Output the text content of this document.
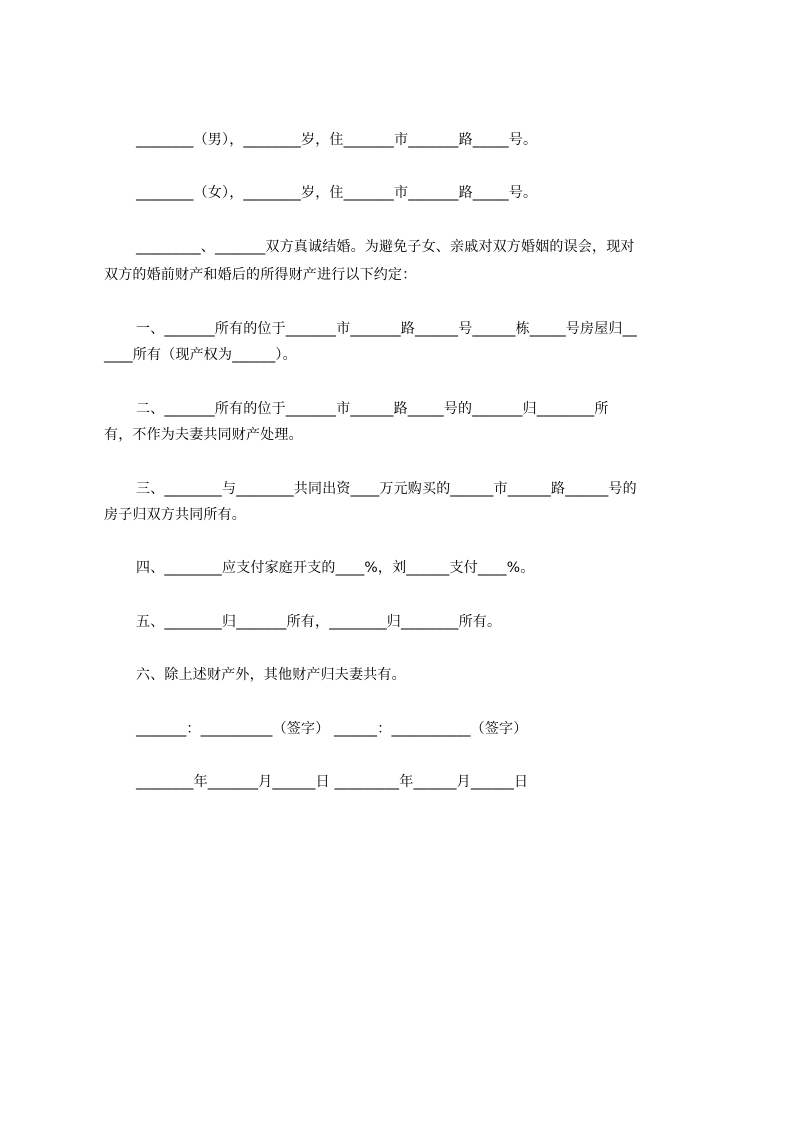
________（男），________岁，住_______市_______路_____号。
________（女），________岁，住_______市_______路_____号。
_________、_______双方真诚结婚。为避免子女、亲戚对双方婚姻的误会，现对
双方的婚前财产和婚后的所得财产进行以下约定：
一、_______所有的位于_______市_______路______号______栋_____号房屋归__
____所有（现产权为______）。
二、_______所有的位于_______市______路_____号的_______归________所
有，不作为夫妻共同财产处理。
三、________与________共同出资____万元购买的______市______路______号的
房子归双方共同所有。
四、________应支付家庭开支的____%，刘______支付____%。
五、________归_______所有，________归________所有。
六、除上述财产外，其他财产归夫妻共有。
_______：__________（签字） ______：___________（签字）
________年_______月______日 _________年______月______日
